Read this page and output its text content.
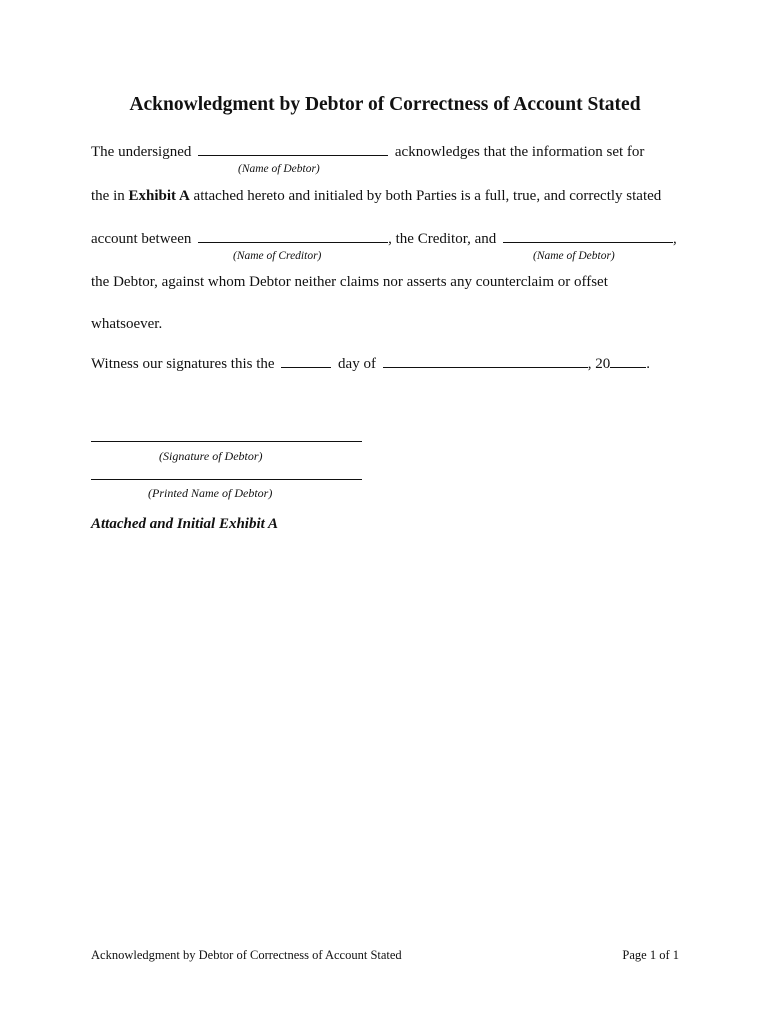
Acknowledgment by Debtor of Correctness of Account Stated
The undersigned	acknowledges that the information set for
(Name of Debtor)
the in Exhibit A attached hereto and initialed by both Parties is a full, true, and correctly stated
account between	, the Creditor, and	,
(Name of Creditor)	(Name of Debtor)
the Debtor, against whom Debtor neither claims nor asserts any counterclaim or offset
whatsoever.
Witness our signatures this the	day of	, 20 .
(Signature of Debtor)
(Printed Name of Debtor)
Attached and Initial Exhibit A
Acknowledgment by Debtor of Correctness of Account Stated	Page 1 of 1
